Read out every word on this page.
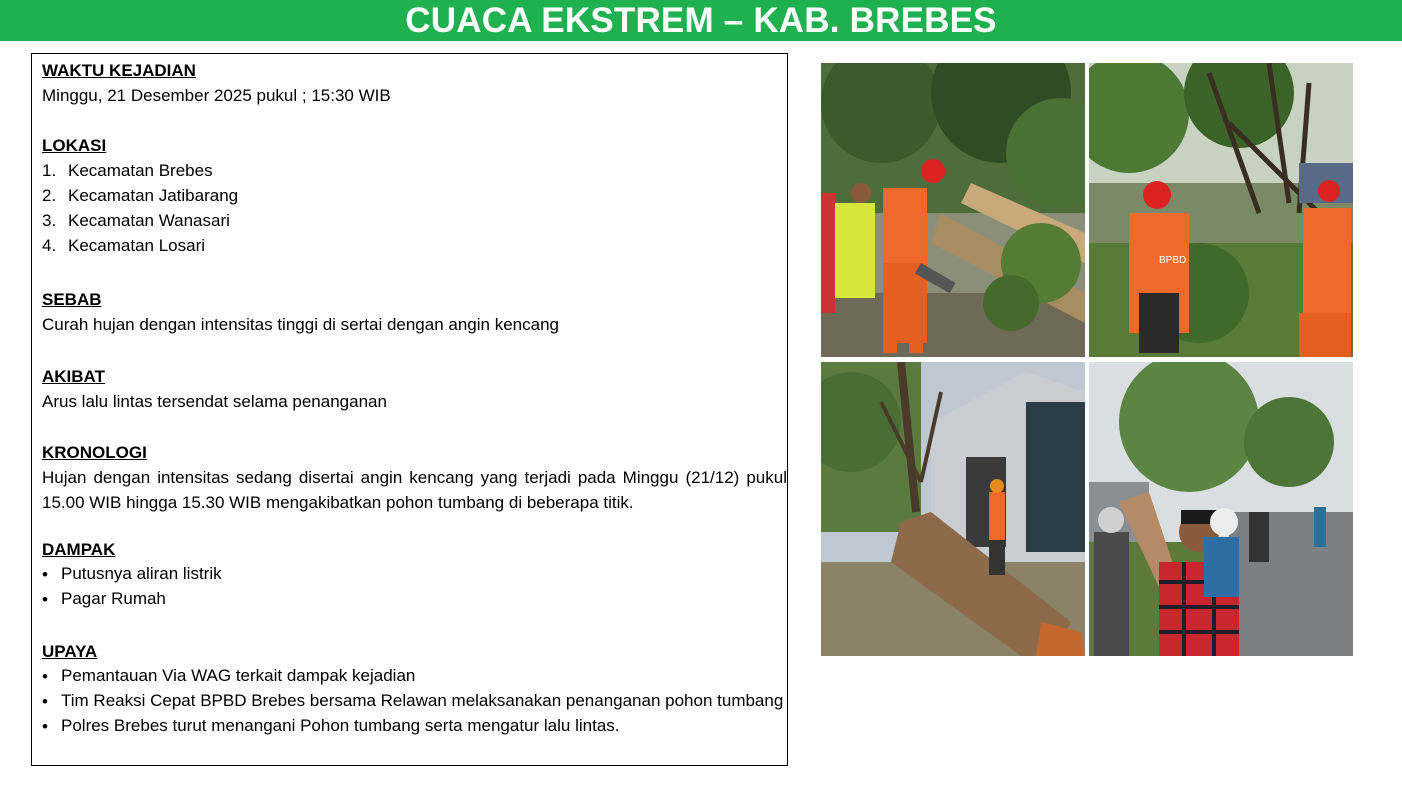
CUACA EKSTREM – KAB. BREBES
WAKTU KEJADIAN
Minggu, 21 Desember 2025 pukul ; 15:30 WIB
LOKASI
1. Kecamatan Brebes
2. Kecamatan Jatibarang
3. Kecamatan Wanasari
4. Kecamatan Losari
SEBAB
Curah hujan dengan intensitas tinggi di sertai dengan angin kencang
AKIBAT
Arus lalu lintas tersendat selama penanganan
KRONOLOGI
Hujan dengan intensitas sedang disertai angin kencang yang terjadi pada Minggu (21/12) pukul 15.00 WIB hingga 15.30 WIB mengakibatkan pohon tumbang di beberapa titik.
DAMPAK
• Putusnya aliran listrik
• Pagar Rumah
UPAYA
• Pemantauan Via WAG terkait dampak kejadian
• Tim Reaksi Cepat BPBD Brebes bersama Relawan melaksanakan penanganan pohon tumbang
• Polres Brebes turut menangani Pohon tumbang serta mengatur lalu lintas.
BPBD
